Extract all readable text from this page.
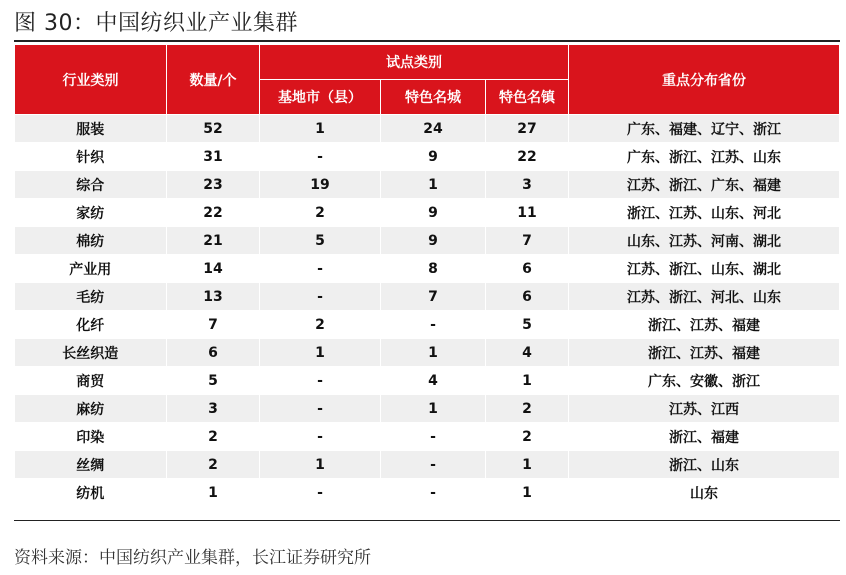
图 30：中国纺织业产业集群
行业类别	数量/个	试点类别			重点分布省份
		基地市（县）	特色名城	特色名镇	
服装	52	1	24	27	广东、福建、辽宁、浙江
针织	31	-	9	22	广东、浙江、江苏、山东
综合	23	19	1	3	江苏、浙江、广东、福建
家纺	22	2	9	11	浙江、江苏、山东、河北
棉纺	21	5	9	7	山东、江苏、河南、湖北
产业用	14	-	8	6	江苏、浙江、山东、湖北
毛纺	13	-	7	6	江苏、浙江、河北、山东
化纤	7	2	-	5	浙江、江苏、福建
长丝织造	6	1	1	4	浙江、江苏、福建
商贸	5	-	4	1	广东、安徽、浙江
麻纺	3	-	1	2	江苏、江西
印染	2	-	-	2	浙江、福建
丝绸	2	1	-	1	浙江、山东
纺机	1	-	-	1	山东
资料来源：中国纺织产业集群，长江证券研究所
